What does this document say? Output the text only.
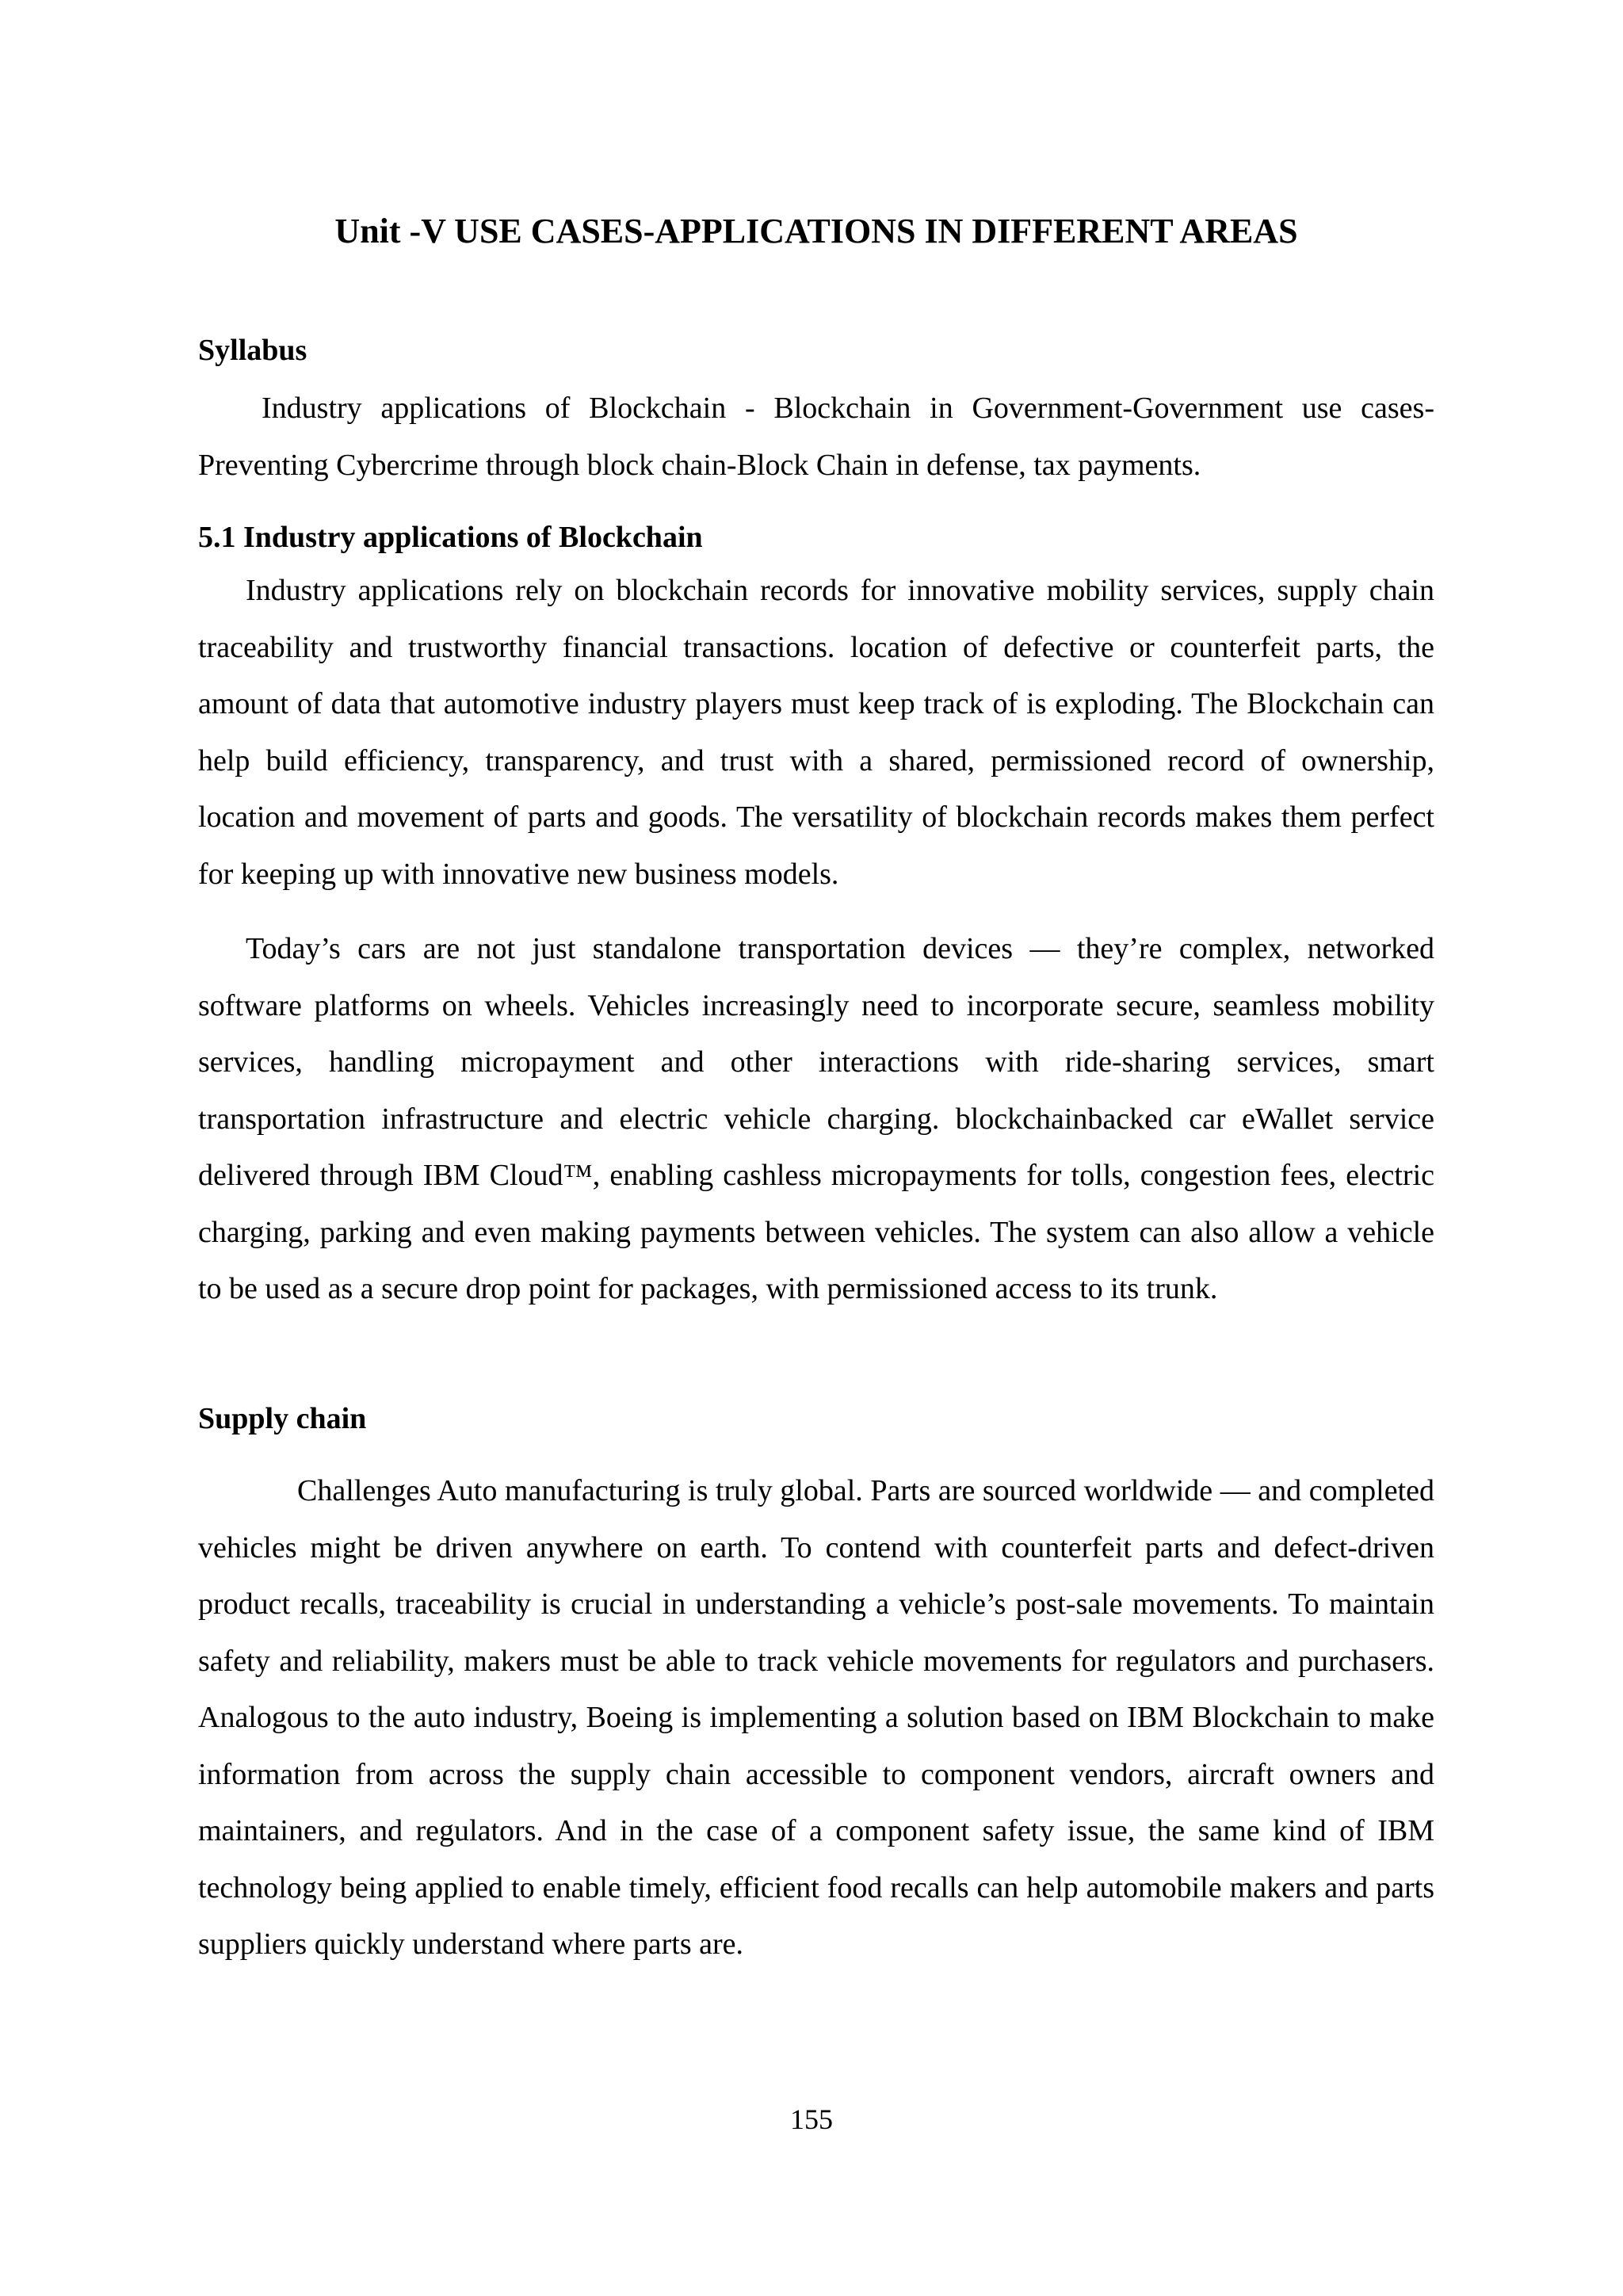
Unit -V USE CASES-APPLICATIONS IN DIFFERENT AREAS
Syllabus

Industry applications of Blockchain - Blockchain in Government-Government use cases-Preventing Cybercrime through block chain-Block Chain in defense, tax payments.

5.1 Industry applications of Blockchain

Industry applications rely on blockchain records for innovative mobility services, supply chain traceability and trustworthy financial transactions. location of defective or counterfeit parts, the amount of data that automotive industry players must keep track of is exploding. The Blockchain can help build efficiency, transparency, and trust with a shared, permissioned record of ownership, location and movement of parts and goods. The versatility of blockchain records makes them perfect for keeping up with innovative new business models.

Today’s cars are not just standalone transportation devices — they’re complex, networked software platforms on wheels. Vehicles increasingly need to incorporate secure, seamless mobility services, handling micropayment and other interactions with ride-sharing services, smart transportation infrastructure and electric vehicle charging. blockchainbacked car eWallet service delivered through IBM Cloud™, enabling cashless micropayments for tolls, congestion fees, electric charging, parking and even making payments between vehicles. The system can also allow a vehicle to be used as a secure drop point for packages, with permissioned access to its trunk.

Supply chain

Challenges Auto manufacturing is truly global. Parts are sourced worldwide — and completed vehicles might be driven anywhere on earth. To contend with counterfeit parts and defect-driven product recalls, traceability is crucial in understanding a vehicle’s post-sale movements. To maintain safety and reliability, makers must be able to track vehicle movements for regulators and purchasers. Analogous to the auto industry, Boeing is implementing a solution based on IBM Blockchain to make information from across the supply chain accessible to component vendors, aircraft owners and maintainers, and regulators. And in the case of a component safety issue, the same kind of IBM technology being applied to enable timely, efficient food recalls can help automobile makers and parts suppliers quickly understand where parts are.

155
